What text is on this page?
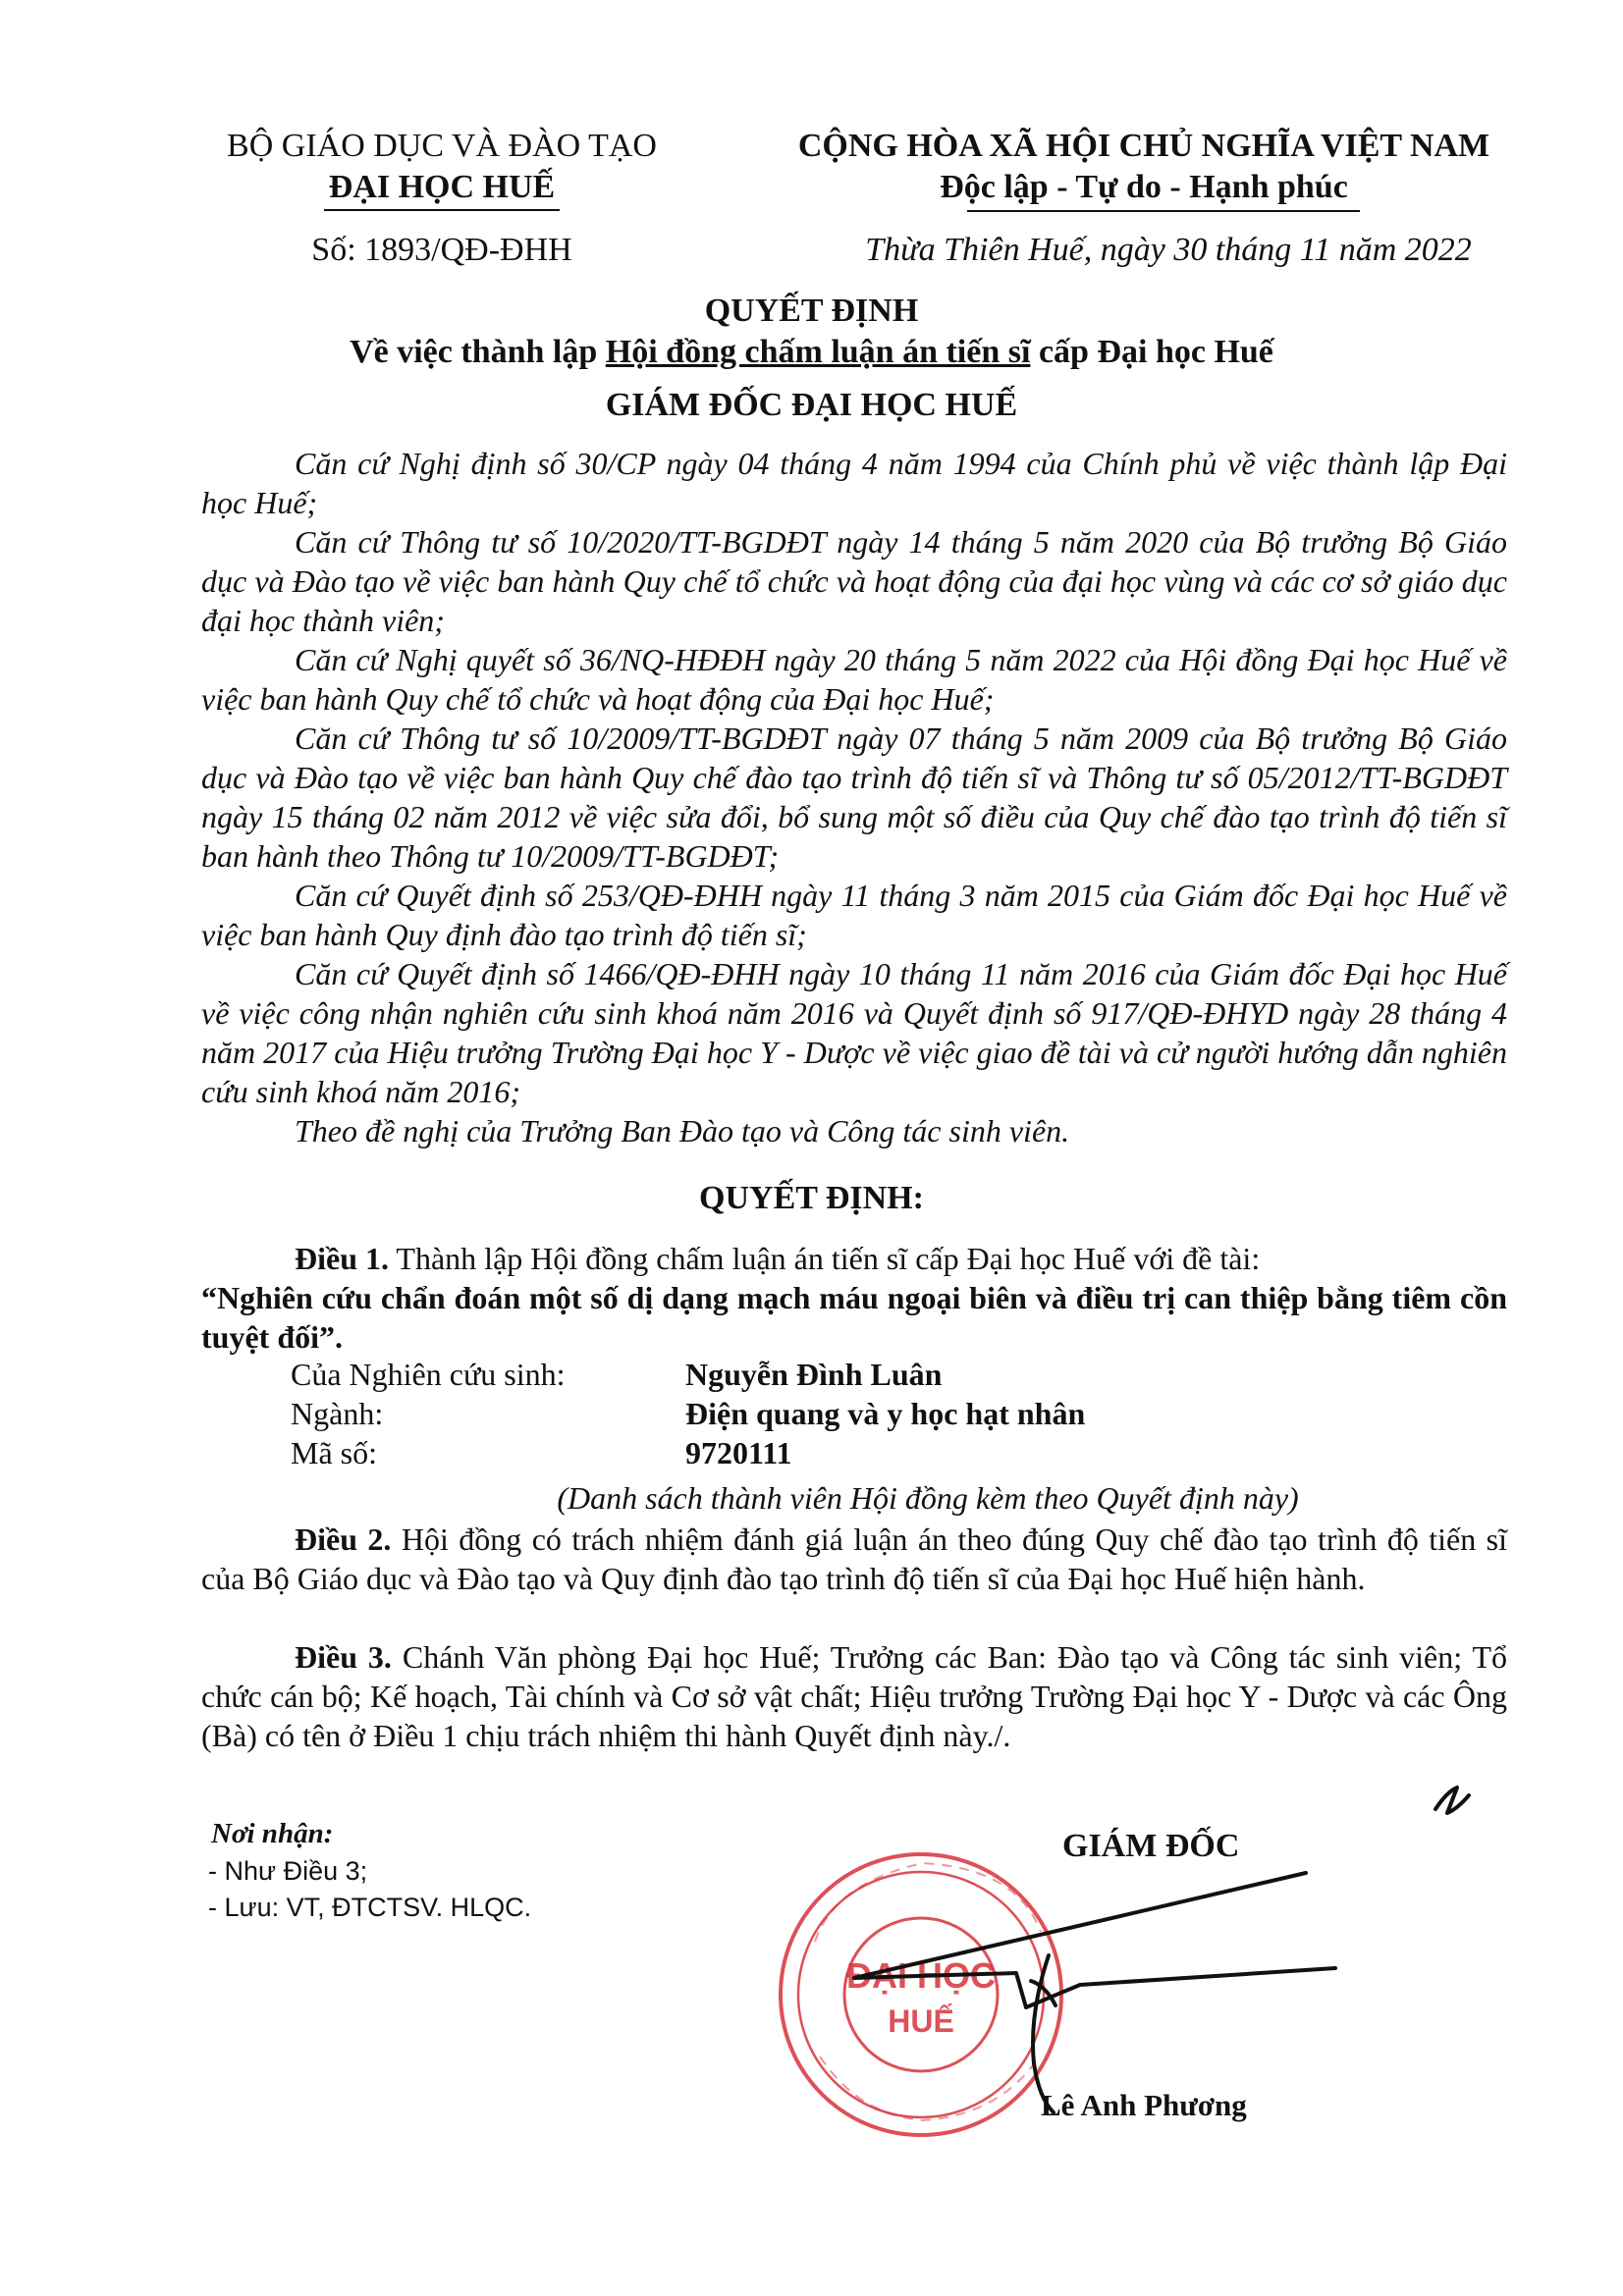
BỘ GIÁO DỤC VÀ ĐÀO TẠO
ĐẠI HỌC HUẾ
Số: 1893/QĐ-ĐHH
CỘNG HÒA XÃ HỘI CHỦ NGHĨA VIỆT NAM
Độc lập - Tự do - Hạnh phúc
Thừa Thiên Huế, ngày 30 tháng 11 năm 2022
QUYẾT ĐỊNH
Về việc thành lập Hội đồng chấm luận án tiến sĩ cấp Đại học Huế
GIÁM ĐỐC ĐẠI HỌC HUẾ
Căn cứ Nghị định số 30/CP ngày 04 tháng 4 năm 1994 của Chính phủ về việc thành lập Đại học Huế;
Căn cứ Thông tư số 10/2020/TT-BGDĐT ngày 14 tháng 5 năm 2020 của Bộ trưởng Bộ Giáo dục và Đào tạo về việc ban hành Quy chế tổ chức và hoạt động của đại học vùng và các cơ sở giáo dục đại học thành viên;
Căn cứ Nghị quyết số 36/NQ-HĐĐH ngày 20 tháng 5 năm 2022 của Hội đồng Đại học Huế về việc ban hành Quy chế tổ chức và hoạt động của Đại học Huế;
Căn cứ Thông tư số 10/2009/TT-BGDĐT ngày 07 tháng 5 năm 2009 của Bộ trưởng Bộ Giáo dục và Đào tạo về việc ban hành Quy chế đào tạo trình độ tiến sĩ và Thông tư số 05/2012/TT-BGDĐT ngày 15 tháng 02 năm 2012 về việc sửa đổi, bổ sung một số điều của Quy chế đào tạo trình độ tiến sĩ ban hành theo Thông tư 10/2009/TT-BGDĐT;
Căn cứ Quyết định số 253/QĐ-ĐHH ngày 11 tháng 3 năm 2015 của Giám đốc Đại học Huế về việc ban hành Quy định đào tạo trình độ tiến sĩ;
Căn cứ Quyết định số 1466/QĐ-ĐHH ngày 10 tháng 11 năm 2016 của Giám đốc Đại học Huế về việc công nhận nghiên cứu sinh khoá năm 2016 và Quyết định số 917/QĐ-ĐHYD ngày 28 tháng 4 năm 2017 của Hiệu trưởng Trường Đại học Y - Dược về việc giao đề tài và cử người hướng dẫn nghiên cứu sinh khoá năm 2016;
Theo đề nghị của Trưởng Ban Đào tạo và Công tác sinh viên.
QUYẾT ĐỊNH:
Điều 1. Thành lập Hội đồng chấm luận án tiến sĩ cấp Đại học Huế với đề tài:
“Nghiên cứu chẩn đoán một số dị dạng mạch máu ngoại biên và điều trị can thiệp bằng tiêm cồn tuyệt đối”.
Của Nghiên cứu sinh:	Nguyễn Đình Luân
Ngành:	Điện quang và y học hạt nhân
Mã số:	9720111
(Danh sách thành viên Hội đồng kèm theo Quyết định này)
Điều 2. Hội đồng có trách nhiệm đánh giá luận án theo đúng Quy chế đào tạo trình độ tiến sĩ của Bộ Giáo dục và Đào tạo và Quy định đào tạo trình độ tiến sĩ của Đại học Huế hiện hành.
Điều 3. Chánh Văn phòng Đại học Huế; Trưởng các Ban: Đào tạo và Công tác sinh viên; Tổ chức cán bộ; Kế hoạch, Tài chính và Cơ sở vật chất; Hiệu trưởng Trường Đại học Y - Dược và các Ông (Bà) có tên ở Điều 1 chịu trách nhiệm thi hành Quyết định này./.
Nơi nhận:
- Như Điều 3;
- Lưu: VT, ĐTCTSV. HLQC.
GIÁM ĐỐC
ĐẠI HỌC
HUẾ
Lê Anh Phương
